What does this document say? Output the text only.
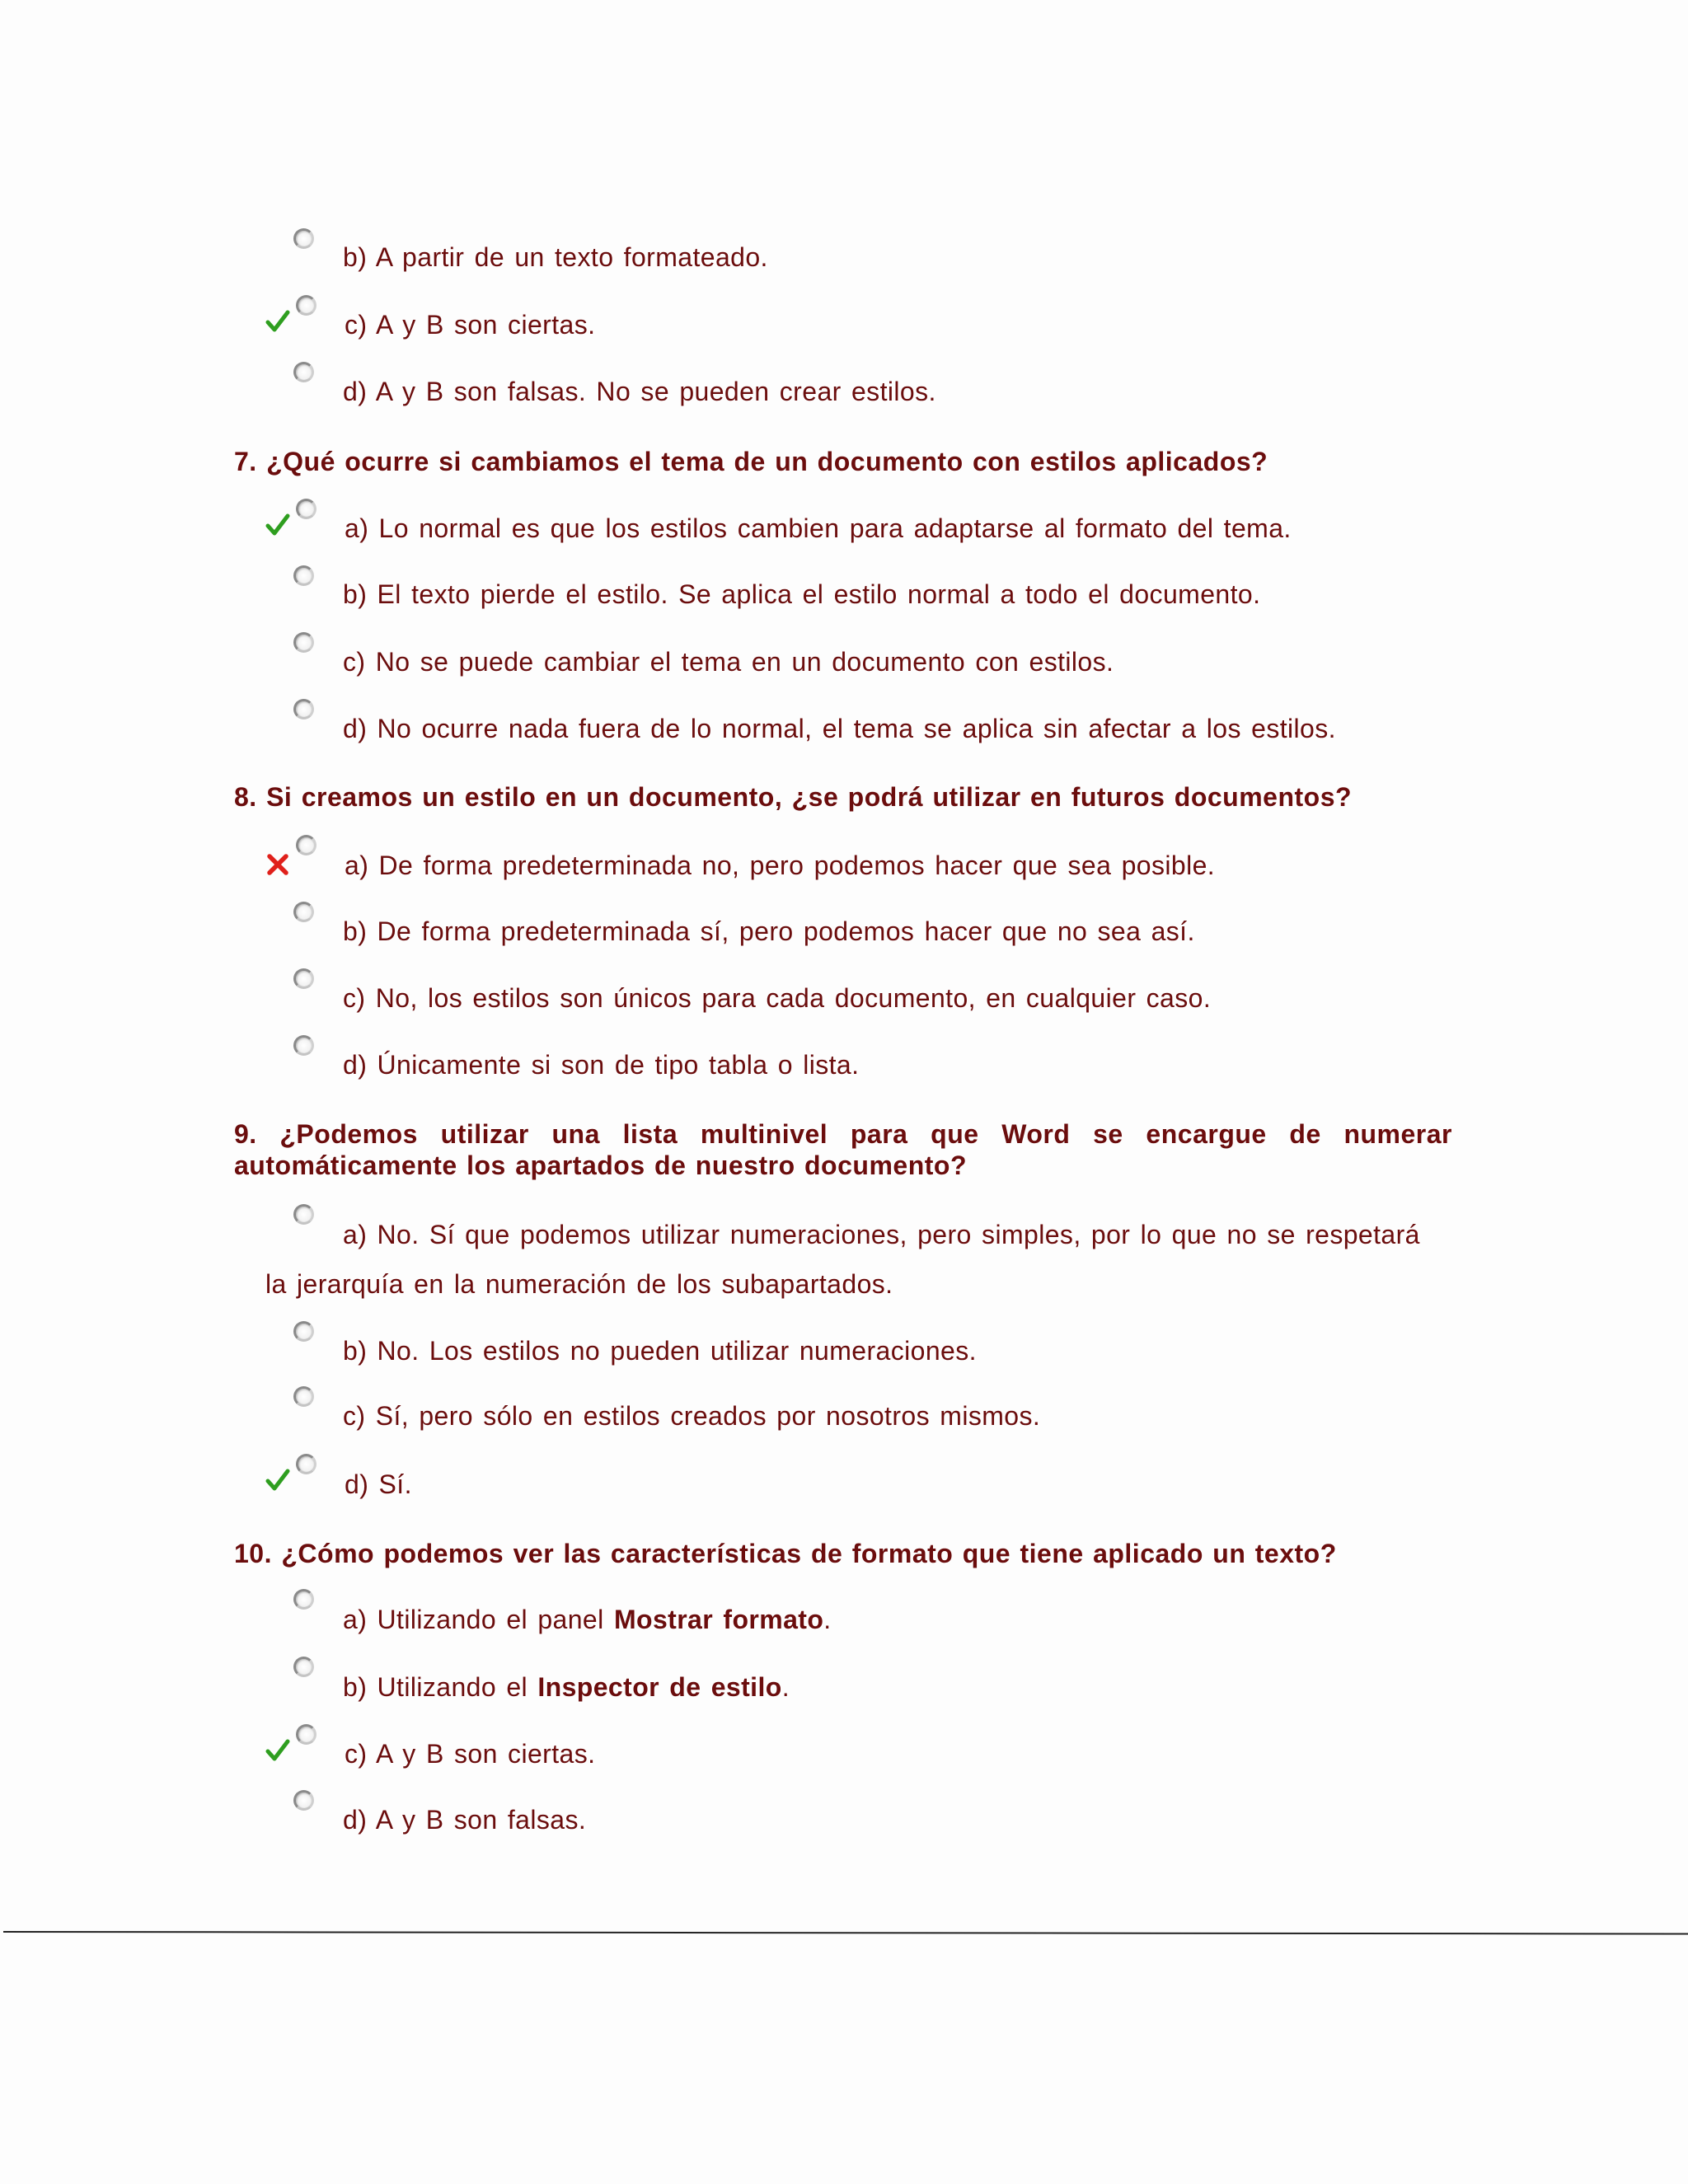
b) A partir de un texto formateado.
c) A y B son ciertas.
d) A y B son falsas. No se pueden crear estilos.
7. ¿Qué ocurre si cambiamos el tema de un documento con estilos aplicados?
a) Lo normal es que los estilos cambien para adaptarse al formato del tema.
b) El texto pierde el estilo. Se aplica el estilo normal a todo el documento.
c) No se puede cambiar el tema en un documento con estilos.
d) No ocurre nada fuera de lo normal, el tema se aplica sin afectar a los estilos.
8. Si creamos un estilo en un documento, ¿se podrá utilizar en futuros documentos?
a) De forma predeterminada no, pero podemos hacer que sea posible.
b) De forma predeterminada sí, pero podemos hacer que no sea así.
c) No, los estilos son únicos para cada documento, en cualquier caso.
d) Únicamente si son de tipo tabla o lista.
9. ¿Podemos utilizar una lista multinivel para que Word se encargue de numerar automáticamente los apartados de nuestro documento?
a) No. Sí que podemos utilizar numeraciones, pero simples, por lo que no se respetará
la jerarquía en la numeración de los subapartados.
b) No. Los estilos no pueden utilizar numeraciones.
c) Sí, pero sólo en estilos creados por nosotros mismos.
d) Sí.
10. ¿Cómo podemos ver las características de formato que tiene aplicado un texto?
a) Utilizando el panel Mostrar formato.
b) Utilizando el Inspector de estilo.
c) A y B son ciertas.
d) A y B son falsas.
